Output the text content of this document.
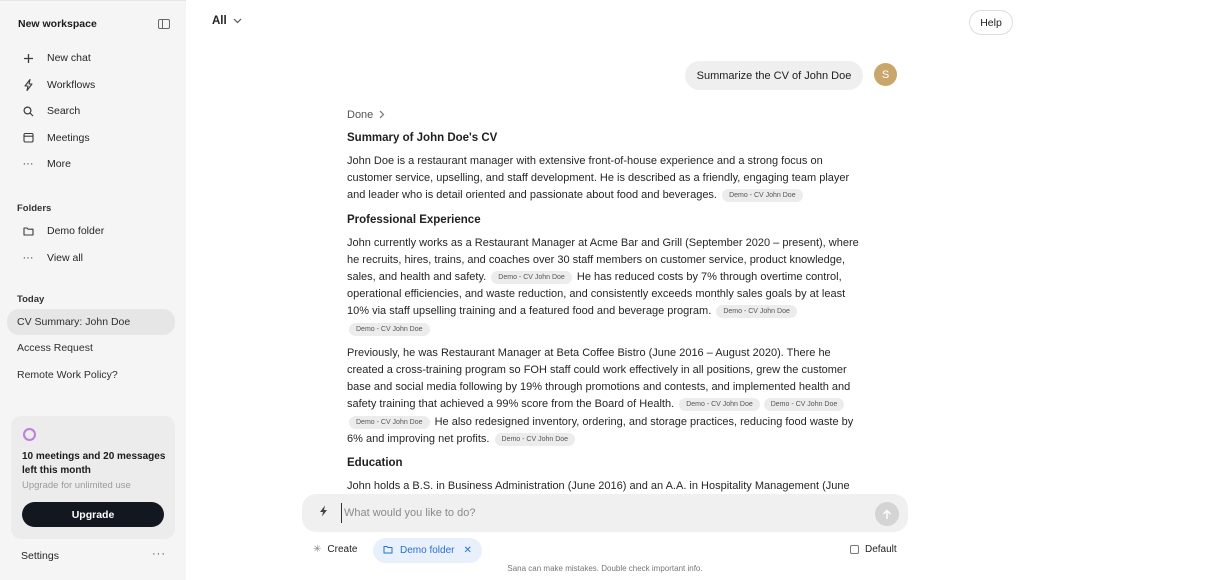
New workspace
New chat
Workflows
Search
Meetings
··· More
Folders
Demo folder
··· View all
Today
CV Summary: John Doe
Access Request
Remote Work Policy?
10 meetings and 20 messages left this month
Upgrade for unlimited use
Upgrade
Settings	···
All	Help
Summarize the CV of John Doe	S
Done
Summary of John Doe's CV

John Doe is a restaurant manager with extensive front-of-house experience and a strong focus on customer service, upselling, and staff development. He is described as a friendly, engaging team player and leader who is detail oriented and passionate about food and beverages. Demo - CV John Doe

Professional Experience

John currently works as a Restaurant Manager at Acme Bar and Grill (September 2020 – present), where he recruits, hires, trains, and coaches over 30 staff members on customer service, product knowledge, sales, and health and safety. Demo - CV John Doe He has reduced costs by 7% through overtime control, operational efficiencies, and waste reduction, and consistently exceeds monthly sales goals by at least 10% via staff upselling training and a featured food and beverage program. Demo - CV John DoeDemo - CV John Doe

Previously, he was Restaurant Manager at Beta Coffee Bistro (June 2016 – August 2020). There he created a cross-training program so FOH staff could work effectively in all positions, grew the customer base and social media following by 19% through promotions and contests, and implemented health and safety training that achieved a 99% score from the Board of Health. Demo - CV John Doe	Demo - CV John DoeDemo - CV John Doe He also redesigned inventory, ordering, and storage practices, reducing food waste by 6% and improving net profits. Demo - CV John Doe

Education

John holds a B.S. in Business Administration (June 2016) and an A.A. in Hospitality Management (June

What would you like to do?
✳ Create	Demo folder ✕	Default
Sana can make mistakes. Double check important info.
